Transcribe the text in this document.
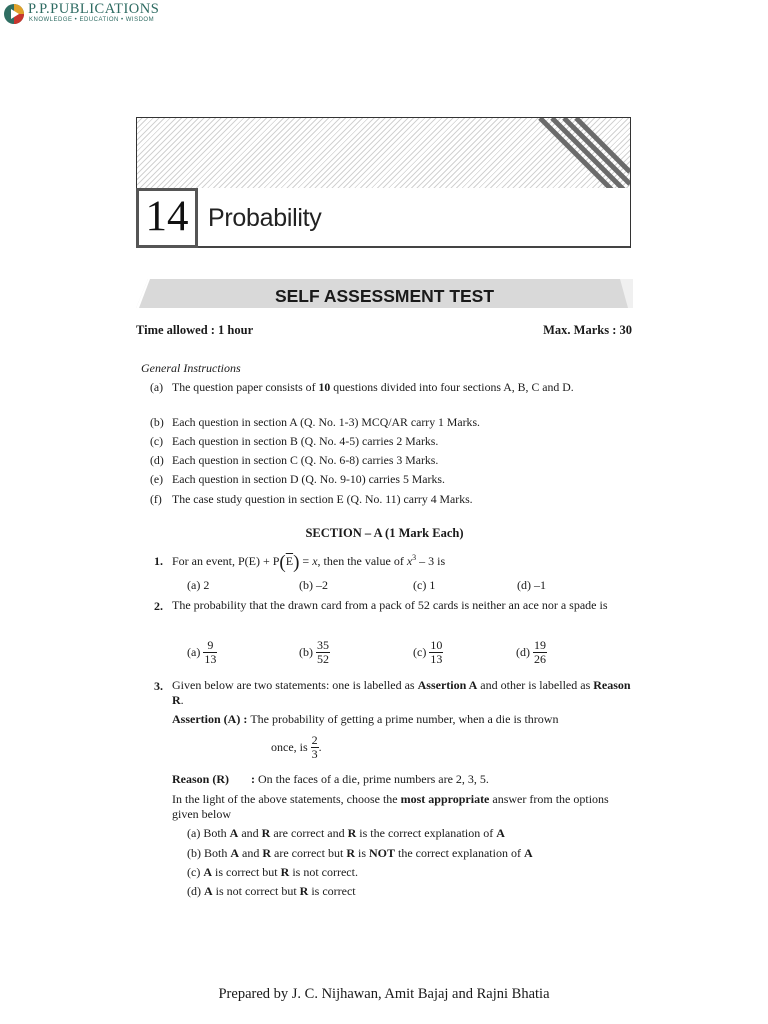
P.P.PUBLICATIONS
KNOWLEDGE • EDUCATION • WISDOM
14 Probability
SELF ASSESSMENT TEST
Time allowed : 1 hour	Max. Marks : 30
General Instructions
(a) The question paper consists of 10 questions divided into four sections A, B, C and D.
(b) Each question in section A (Q. No. 1-3) MCQ/AR carry 1 Marks.
(c) Each question in section B (Q. No. 4-5) carries 2 Marks.
(d) Each question in section C (Q. No. 6-8) carries 3 Marks.
(e) Each question in section D (Q. No. 9-10) carries 5 Marks.
(f) The case study question in section E (Q. No. 11) carry 4 Marks.
SECTION – A (1 Mark Each)
1. For an event, $P(E) + P(\overline{E}) = x$, then the value of $x^3 - 3$ is
(a) 2	(b) –2	(c) 1	(d) –1
2. The probability that the drawn card from a pack of 52 cards is neither an ace nor a spade is
$(a) \frac{9}{13}$	$(b) \frac{35}{52}$	$(c) \frac{10}{13}$	$(d) \frac{19}{26}$
3. Given below are two statements: one is labelled as Assertion A and other is labelled as Reason R.
Assertion (A) : The probability of getting a prime number, when a die is thrown
once, is $\frac{2}{3}$ .
Reason (R) : On the faces of a die, prime numbers are 2, 3, 5.
In the light of the above statements, choose the most appropriate answer from the options given below
(a) Both A and R are correct and R is the correct explanation of A
(b) Both A and R are correct but R is NOT the correct explanation of A
(c) A is correct but R is not correct.
(d) A is not correct but R is correct
Prepared by J. C. Nijhawan, Amit Bajaj and Rajni Bhatia
